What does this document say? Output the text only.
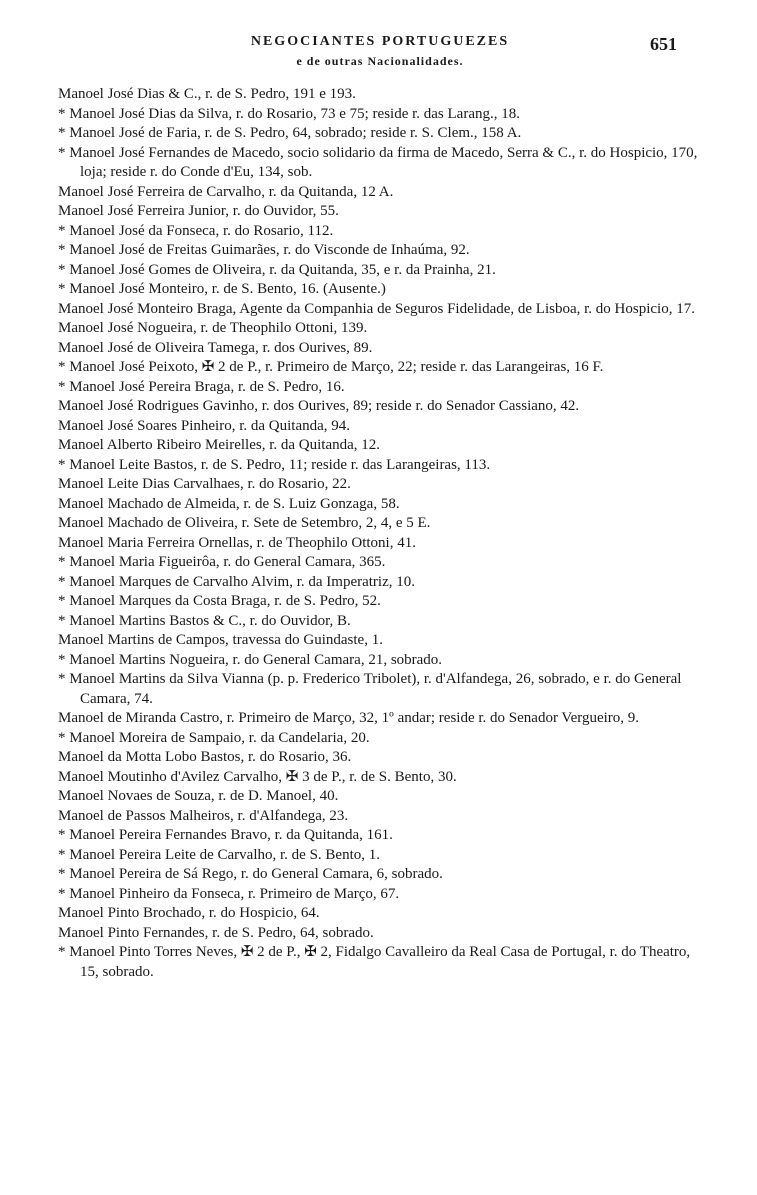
NEGOCIANTES PORTUGUEZES
e de outras Nacionalidades.
651
Manoel José Dias & C., r. de S. Pedro, 191 e 193.
* Manoel José Dias da Silva, r. do Rosario, 73 e 75; reside r. das Larang., 18.
* Manoel José de Faria, r. de S. Pedro, 64, sobrado; reside r. S. Clem., 158 A.
* Manoel José Fernandes de Macedo, socio solidario da firma de Macedo, Serra & C., r. do Hospicio, 170, loja; reside r. do Conde d'Eu, 134, sob.
Manoel José Ferreira de Carvalho, r. da Quitanda, 12 A.
Manoel José Ferreira Junior, r. do Ouvidor, 55.
* Manoel José da Fonseca, r. do Rosario, 112.
* Manoel José de Freitas Guimarães, r. do Visconde de Inhaúma, 92.
* Manoel José Gomes de Oliveira, r. da Quitanda, 35, e r. da Prainha, 21.
* Manoel José Monteiro, r. de S. Bento, 16. (Ausente.)
Manoel José Monteiro Braga, Agente da Companhia de Seguros Fidelidade, de Lisboa, r. do Hospicio, 17.
Manoel José Nogueira, r. de Theophilo Ottoni, 139.
Manoel José de Oliveira Tamega, r. dos Ourives, 89.
* Manoel José Peixoto, ✠ 2 de P., r. Primeiro de Março, 22; reside r. das Larangeiras, 16 F.
* Manoel José Pereira Braga, r. de S. Pedro, 16.
Manoel José Rodrigues Gavinho, r. dos Ourives, 89; reside r. do Senador Cassiano, 42.
Manoel José Soares Pinheiro, r. da Quitanda, 94.
Manoel Alberto Ribeiro Meirelles, r. da Quitanda, 12.
* Manoel Leite Bastos, r. de S. Pedro, 11; reside r. das Larangeiras, 113.
Manoel Leite Dias Carvalhaes, r. do Rosario, 22.
Manoel Machado de Almeida, r. de S. Luiz Gonzaga, 58.
Manoel Machado de Oliveira, r. Sete de Setembro, 2, 4, e 5 E.
Manoel Maria Ferreira Ornellas, r. de Theophilo Ottoni, 41.
* Manoel Maria Figueirôa, r. do General Camara, 365.
* Manoel Marques de Carvalho Alvim, r. da Imperatriz, 10.
* Manoel Marques da Costa Braga, r. de S. Pedro, 52.
* Manoel Martins Bastos & C., r. do Ouvidor, B.
Manoel Martins de Campos, travessa do Guindaste, 1.
* Manoel Martins Nogueira, r. do General Camara, 21, sobrado.
* Manoel Martins da Silva Vianna (p. p. Frederico Tribolet), r. d'Alfandega, 26, sobrado, e r. do General Camara, 74.
Manoel de Miranda Castro, r. Primeiro de Março, 32, 1º andar; reside r. do Senador Vergueiro, 9.
* Manoel Moreira de Sampaio, r. da Candelaria, 20.
Manoel da Motta Lobo Bastos, r. do Rosario, 36.
Manoel Moutinho d'Avilez Carvalho, ✠ 3 de P., r. de S. Bento, 30.
Manoel Novaes de Souza, r. de D. Manoel, 40.
Manoel de Passos Malheiros, r. d'Alfandega, 23.
* Manoel Pereira Fernandes Bravo, r. da Quitanda, 161.
* Manoel Pereira Leite de Carvalho, r. de S. Bento, 1.
* Manoel Pereira de Sá Rego, r. do General Camara, 6, sobrado.
* Manoel Pinheiro da Fonseca, r. Primeiro de Março, 67.
Manoel Pinto Brochado, r. do Hospicio, 64.
Manoel Pinto Fernandes, r. de S. Pedro, 64, sobrado.
* Manoel Pinto Torres Neves, ✠ 2 de P., ✠ 2, Fidalgo Cavalleiro da Real Casa de Portugal, r. do Theatro, 15, sobrado.
